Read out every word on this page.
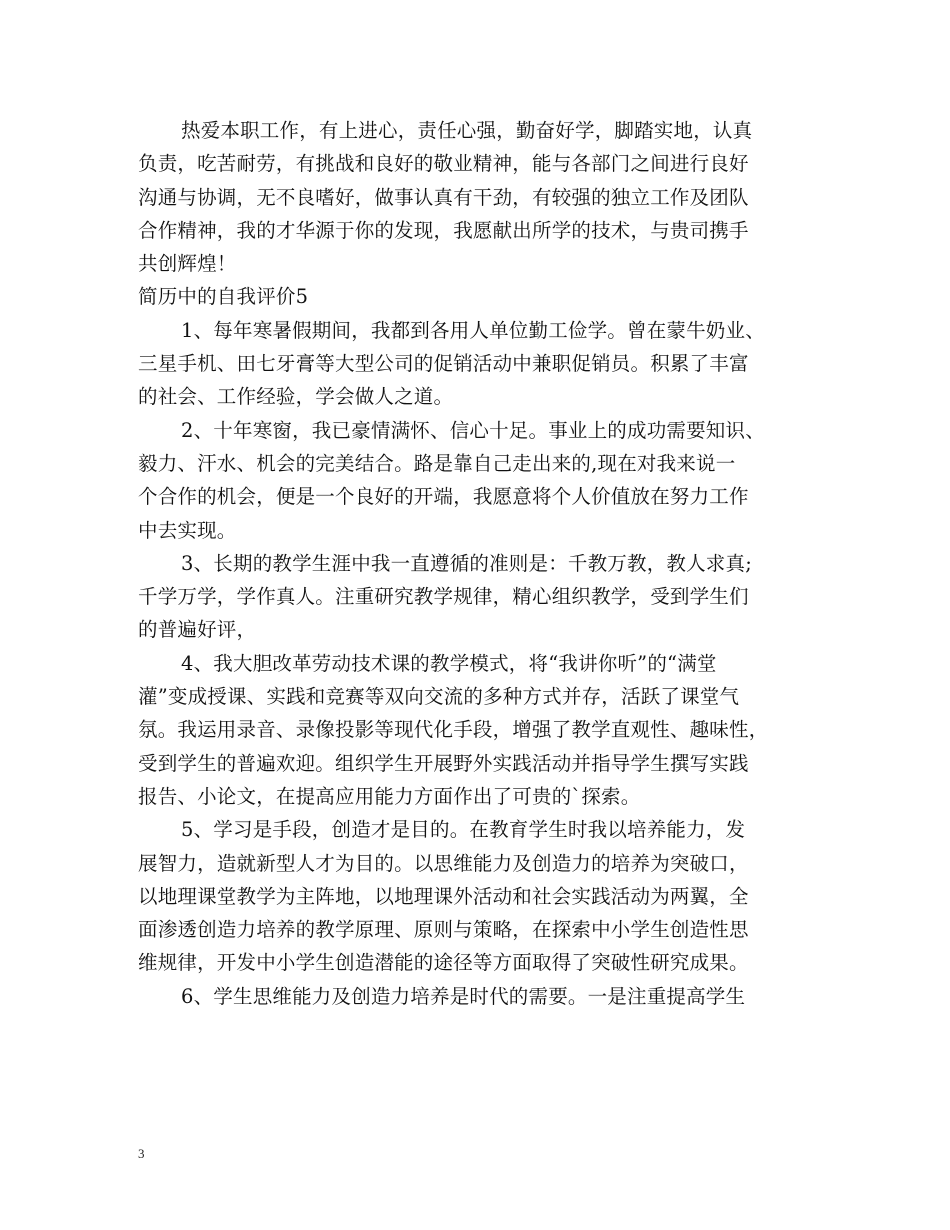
热爱本职工作，有上进心，责任心强，勤奋好学，脚踏实地，认真
负责，吃苦耐劳，有挑战和良好的敬业精神，能与各部门之间进行良好
沟通与协调，无不良嗜好，做事认真有干劲，有较强的独立工作及团队
合作精神，我的才华源于你的发现，我愿献出所学的技术，与贵司携手
共创辉煌！
简历中的自我评价5
1、每年寒暑假期间，我都到各用人单位勤工俭学。曾在蒙牛奶业、
三星手机、田七牙膏等大型公司的促销活动中兼职促销员。积累了丰富
的社会、工作经验，学会做人之道。
2、十年寒窗，我已豪情满怀、信心十足。事业上的成功需要知识、
毅力、汗水、机会的完美结合。路是靠自己走出来的,现在对我来说一
个合作的机会，便是一个良好的开端，我愿意将个人价值放在努力工作
中去实现。
3、长期的教学生涯中我一直遵循的准则是：千教万教，教人求真;
千学万学，学作真人。注重研究教学规律，精心组织教学，受到学生们
的普遍好评，
4、我大胆改革劳动技术课的教学模式，将“我讲你听”的“满堂
灌”变成授课、实践和竞赛等双向交流的多种方式并存，活跃了课堂气
氛。我运用录音、录像投影等现代化手段，增强了教学直观性、趣味性，
受到学生的普遍欢迎。组织学生开展野外实践活动并指导学生撰写实践
报告、小论文，在提高应用能力方面作出了可贵的`探索。
5、学习是手段，创造才是目的。在教育学生时我以培养能力，发
展智力，造就新型人才为目的。以思维能力及创造力的培养为突破口，
以地理课堂教学为主阵地，以地理课外活动和社会实践活动为两翼，全
面渗透创造力培养的教学原理、原则与策略，在探索中小学生创造性思
维规律，开发中小学生创造潜能的途径等方面取得了突破性研究成果。
6、学生思维能力及创造力培养是时代的需要。一是注重提高学生
3
